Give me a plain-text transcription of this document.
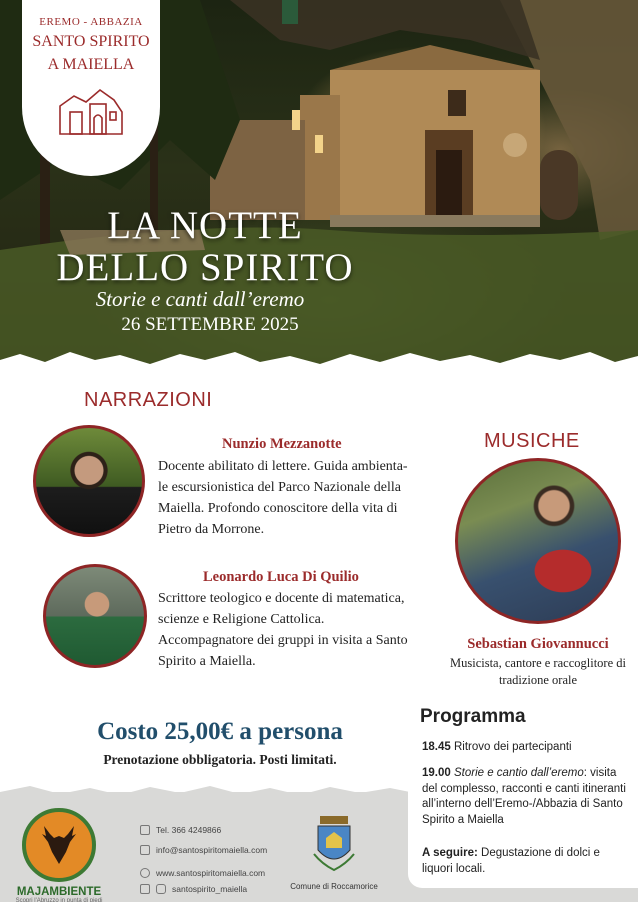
EREMO - ABBAZIA
SANTO SPIRITO
A MAIELLA
LA NOTTE
DELLO SPIRITO
Storie e canti dall’eremo
26 SETTEMBRE 2025
NARRAZIONI
Nunzio Mezzanotte
Docente abilitato di lettere. Guida ambienta-le escursionistica del Parco Nazionale della Maiella. Profondo conoscitore della vita di Pietro da Morrone.
Leonardo Luca Di Quilio
Scrittore teologico e docente di matematica, scienze e Religione Cattolica. Accompagnatore dei gruppi in visita a Santo Spirito a Maiella.
MUSICHE
Sebastian Giovannucci
Musicista, cantore e raccoglitore di tradizione orale
Costo 25,00€ a persona
Prenotazione obbligatoria. Posti limitati.
MAJAMBIENTE
Scopri l'Abruzzo in punta di piedi
Tel. 366 4249866
info@santospiritomaiella.com
www.santospiritomaiella.com
santospirito_maiella	Comune di Roccamorice
Programma
18.45 Ritrovo dei partecipanti
19.00 Storie e cantio dall’eremo: visita del complesso, racconti e canti itineranti all’interno dell’Eremo-/Abbazia di Santo Spirito a Maiella
A seguire: Degustazione di dolci e liquori locali.
